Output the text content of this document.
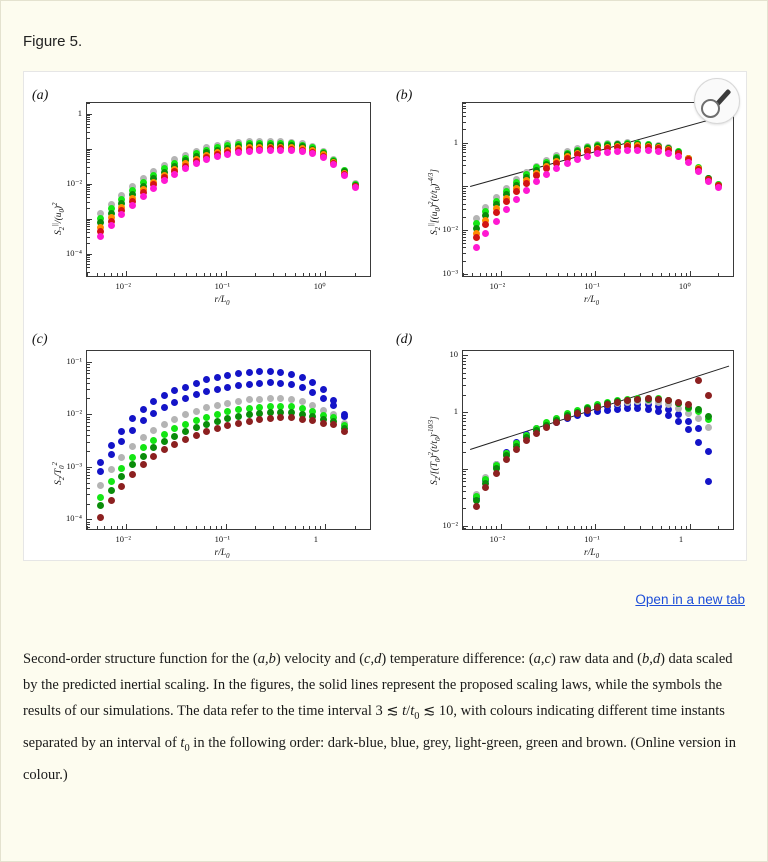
Figure 5.
(a)
10⁻²	10⁻¹	10⁰
1
10⁻²
10⁻⁴
$r/L_0$
$S_2^{||}/(u_0)^2$
(b)
10⁻²	10⁻¹	10⁰
1
10⁻²
10⁻³
$r/L_0$
$S_2^{||}[(u_0)^2(t/t_0)^{-4/3}]$
(c)
10⁻²	10⁻¹	1
10⁻¹
10⁻²
10⁻³
10⁻⁴
$r/L_0$
$S_2/T_0^2$
(d)
10⁻²	10⁻¹	1
10
1
10⁻²
$r/L_0$
$S_2/[(T_0)^2(t/t_0)^{-10/3}]$
Open in a new tab
Second-order structure function for the (a,b) velocity and (c,d) temperature difference: (a,c) raw data and (b,d) data scaled by the predicted inertial scaling. In the figures, the solid lines represent the proposed scaling laws, while the symbols the results of our simulations. The data refer to the time interval 3 ≲ $t/t_0$ ≲ 10, with colours indicating different time instants separated by an interval of $t_0$ in the following order: dark-blue, blue, grey, light-green, green and brown. (Online version in colour.)
